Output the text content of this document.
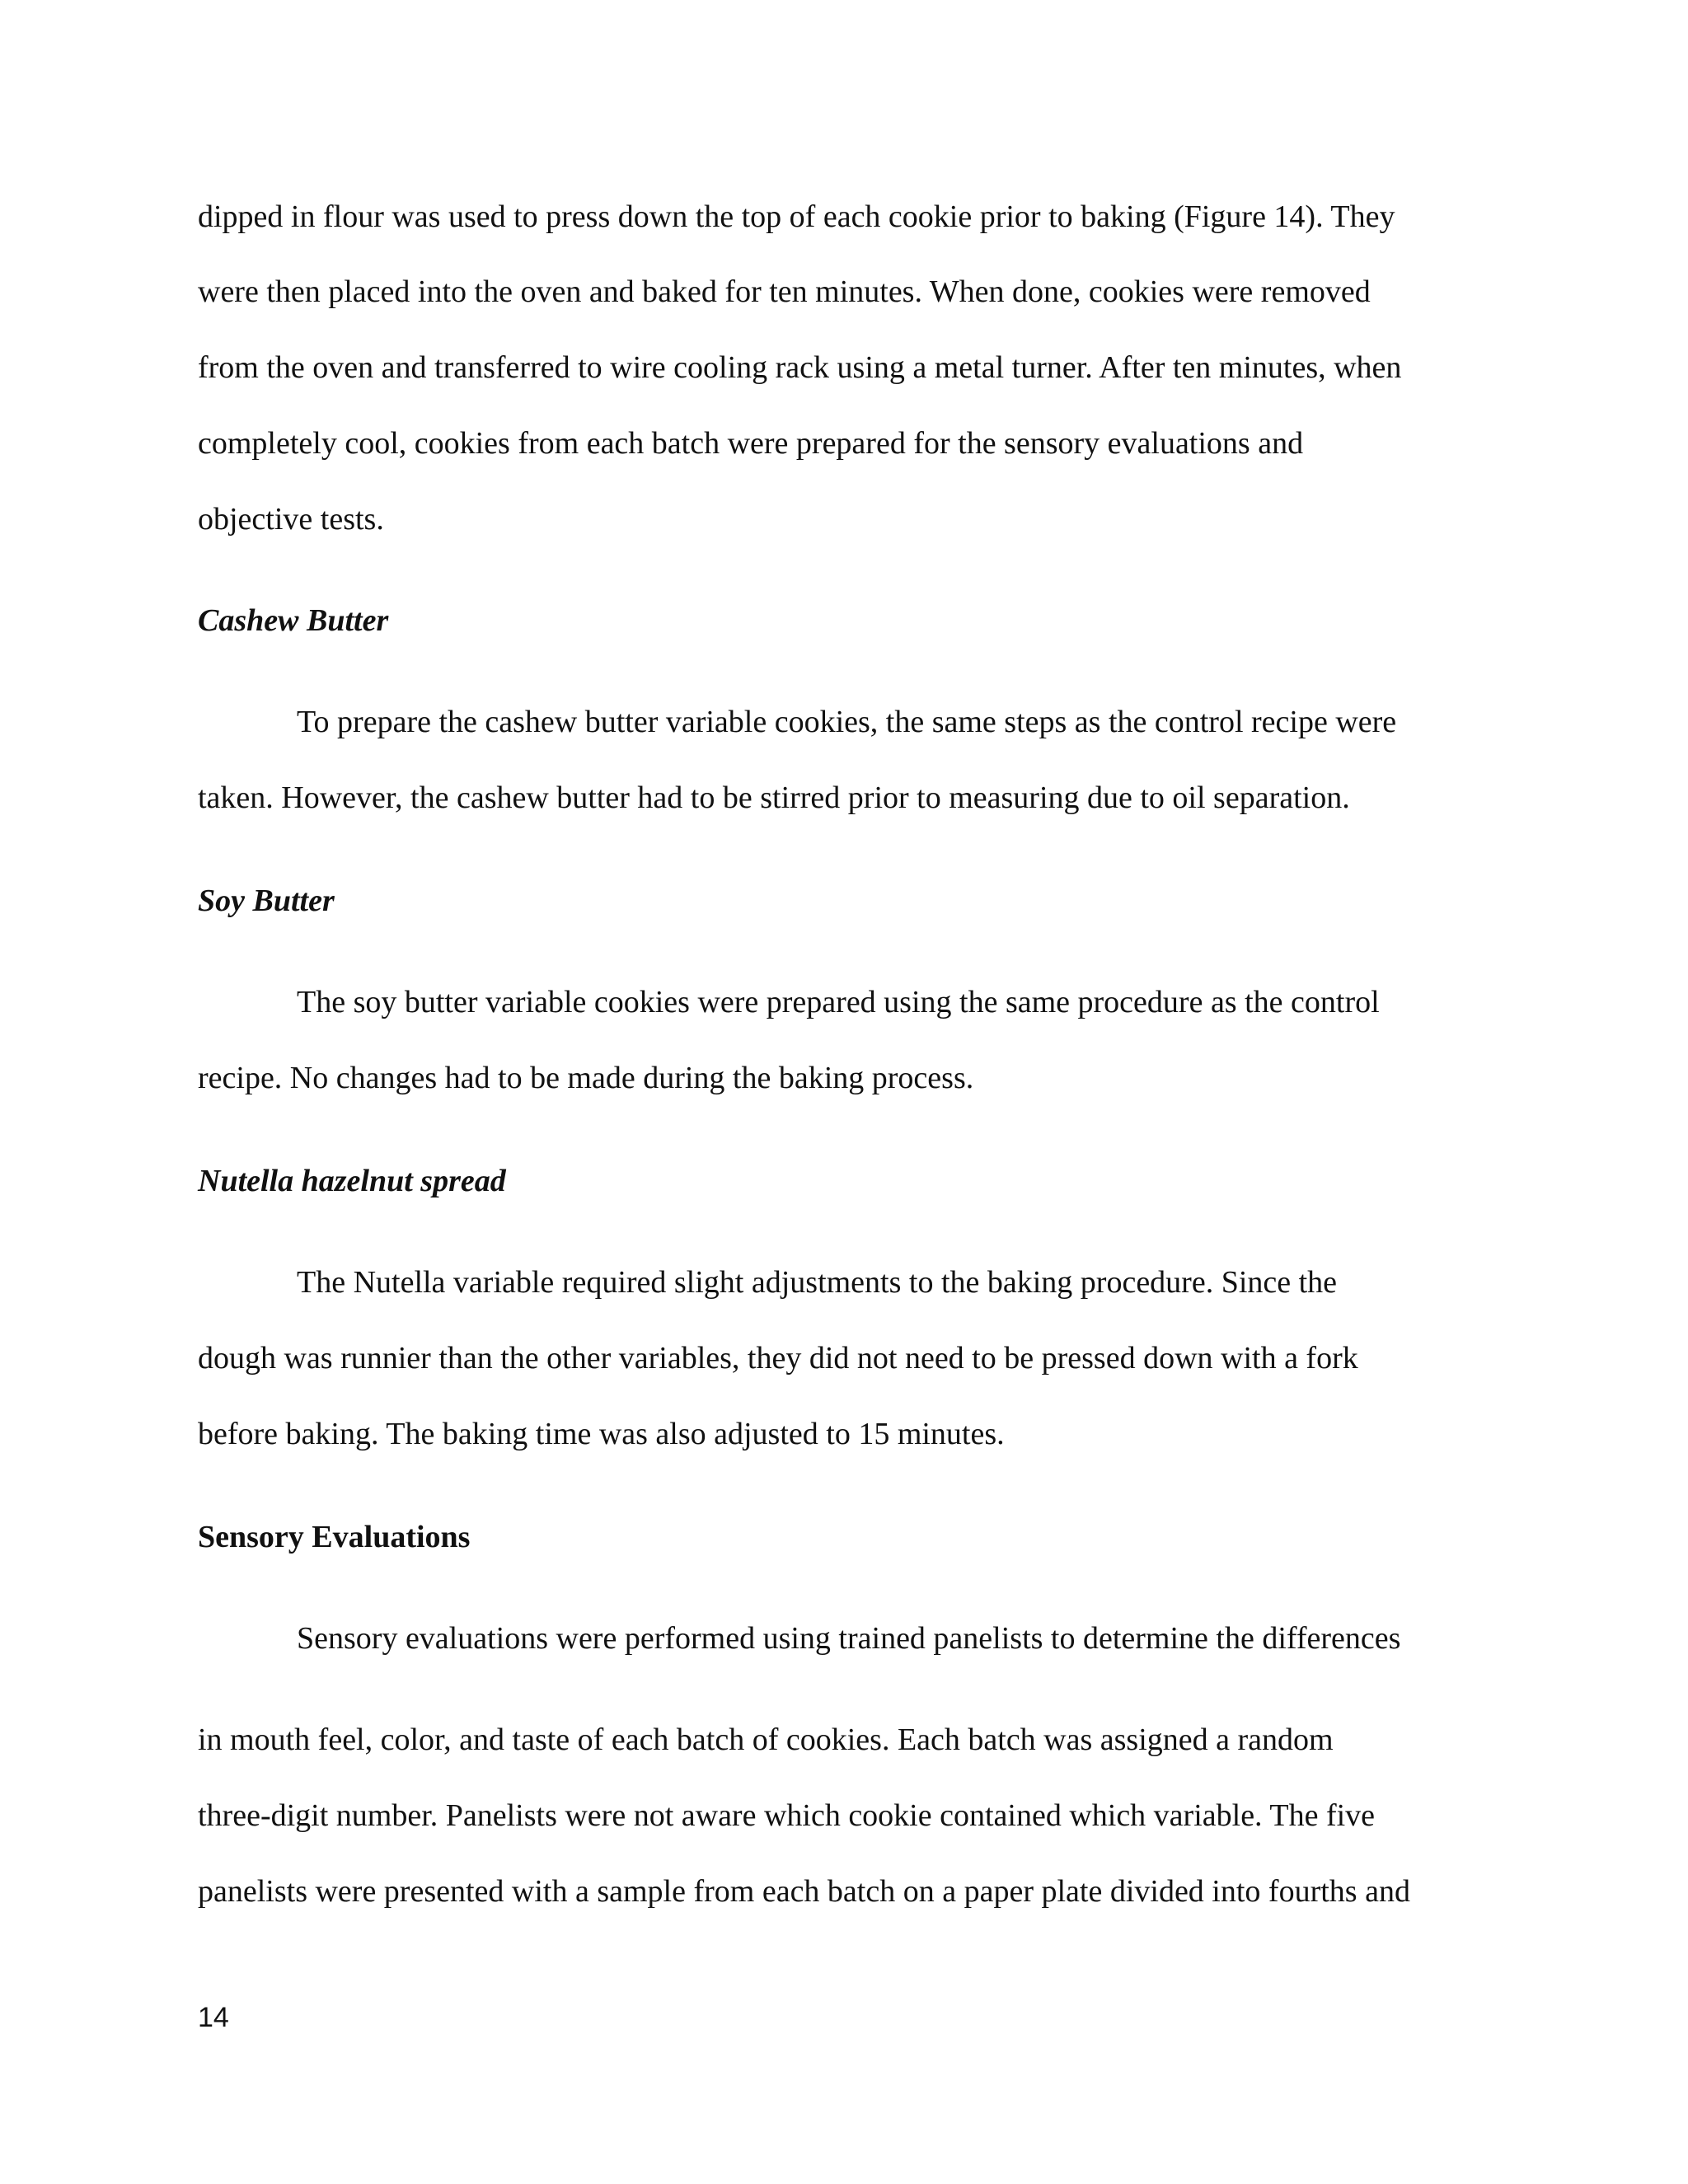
dipped in flour was used to press down the top of each cookie prior to baking (Figure 14). They

were then placed into the oven and baked for ten minutes. When done, cookies were removed

from the oven and transferred to wire cooling rack using a metal turner. After ten minutes, when

completely cool, cookies from each batch were prepared for the sensory evaluations and

objective tests.

Cashew Butter

To prepare the cashew butter variable cookies, the same steps as the control recipe were

taken. However, the cashew butter had to be stirred prior to measuring due to oil separation.

Soy Butter

The soy butter variable cookies were prepared using the same procedure as the control

recipe. No changes had to be made during the baking process.

Nutella hazelnut spread

The Nutella variable required slight adjustments to the baking procedure. Since the

dough was runnier than the other variables, they did not need to be pressed down with a fork

before baking. The baking time was also adjusted to 15 minutes.

Sensory Evaluations

Sensory evaluations were performed using trained panelists to determine the differences

in mouth feel, color, and taste of each batch of cookies. Each batch was assigned a random

three-digit number. Panelists were not aware which cookie contained which variable. The five

panelists were presented with a sample from each batch on a paper plate divided into fourths and

14
